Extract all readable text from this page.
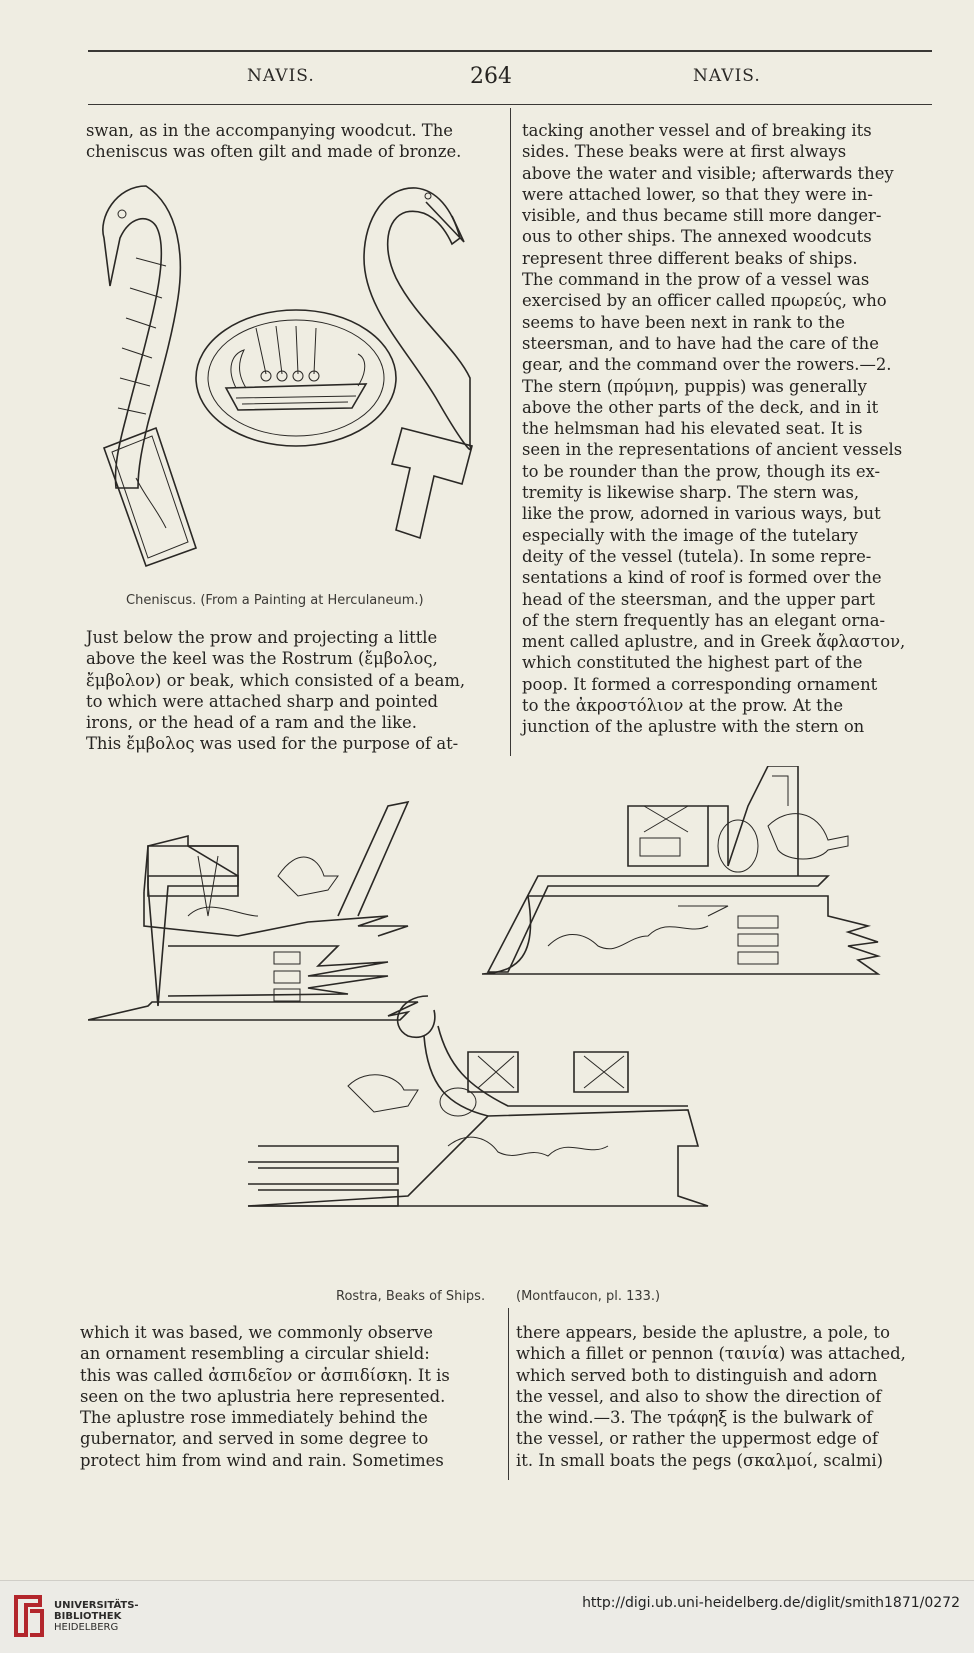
NAVIS.	264	NAVIS.

swan, as in the accompanying woodcut. The

cheniscus was often gilt and made of bronze.

Cheniscus. (From a Painting at Herculaneum.)

Just below the prow and projecting a little

above the keel was the Rostrum (ἔμβολος,

ἔμβολον) or beak, which consisted of a beam,

to which were attached sharp and pointed

irons, or the head of a ram and the like.

This ἔμβολος was used for the purpose of at-

tacking another vessel and of breaking its

sides. These beaks were at first always

above the water and visible; afterwards they

were attached lower, so that they were in-

visible, and thus became still more danger-

ous to other ships. The annexed woodcuts

represent three different beaks of ships.

The command in the prow of a vessel was

exercised by an officer called πρωρεύς, who

seems to have been next in rank to the

steersman, and to have had the care of the

gear, and the command over the rowers.—2.

The stern (πρύμνη, puppis) was generally

above the other parts of the deck, and in it

the helmsman had his elevated seat. It is

seen in the representations of ancient vessels

to be rounder than the prow, though its ex-

tremity is likewise sharp. The stern was,

like the prow, adorned in various ways, but

especially with the image of the tutelary

deity of the vessel (tutela). In some repre-

sentations a kind of roof is formed over the

head of the steersman, and the upper part

of the stern frequently has an elegant orna-

ment called aplustre, and in Greek ἄφλαστον,

which constituted the highest part of the

poop. It formed a corresponding ornament

to the ἀκροστόλιον at the prow. At the

junction of the aplustre with the stern on

Rostra, Beaks of Ships. (Montfaucon, pl. 133.)

which it was based, we commonly observe

an ornament resembling a circular shield:

this was called ἀσπιδεῖον or ἀσπιδίσκη. It is

seen on the two aplustria here represented.

The aplustre rose immediately behind the

gubernator, and served in some degree to

protect him from wind and rain. Sometimes

there appears, beside the aplustre, a pole, to

which a fillet or pennon (ταινία) was attached,

which served both to distinguish and adorn

the vessel, and also to show the direction of

the wind.—3. The τράφηξ is the bulwark of

the vessel, or rather the uppermost edge of

it. In small boats the pegs (σκαλμοί, scalmi)

UNIVERSITÄTS-
BIBLIOTHEK
HEIDELBERG
http://digi.ub.uni-heidelberg.de/diglit/smith1871/0272
